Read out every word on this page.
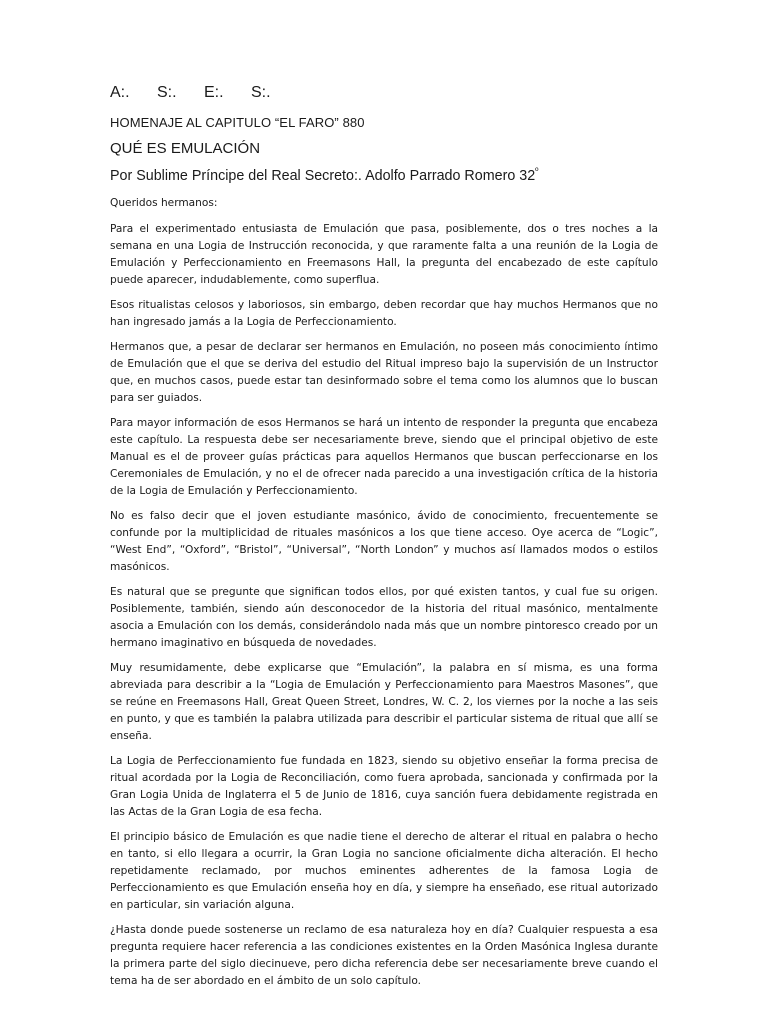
A:.	S:.	E:.	S:.
HOMENAJE AL CAPITULO “EL FARO” 880
QUÉ ES EMULACIÓN
Por Sublime Príncipe del Real Secreto:. Adolfo Parrado Romero $32^º$

Queridos hermanos:

Para el experimentado entusiasta de Emulación que pasa, posiblemente, dos o tres noches a la semana en una Logia de Instrucción reconocida, y que raramente falta a una reunión de la Logia de Emulación y Perfeccionamiento en Freemasons Hall, la pregunta del encabezado de este capítulo puede aparecer, indudablemente, como superflua.

Esos ritualistas celosos y laboriosos, sin embargo, deben recordar que hay muchos Hermanos que no han ingresado jamás a la Logia de Perfeccionamiento.

Hermanos que, a pesar de declarar ser hermanos en Emulación, no poseen más conocimiento íntimo de Emulación que el que se deriva del estudio del Ritual impreso bajo la supervisión de un Instructor que, en muchos casos, puede estar tan desinformado sobre el tema como los alumnos que lo buscan para ser guiados.

Para mayor información de esos Hermanos se hará un intento de responder la pregunta que encabeza este capítulo. La respuesta debe ser necesariamente breve, siendo que el principal objetivo de este Manual es el de proveer guías prácticas para aquellos Hermanos que buscan perfeccionarse en los Ceremoniales de Emulación, y no el de ofrecer nada parecido a una investigación crítica de la historia de la Logia de Emulación y Perfeccionamiento.

No es falso decir que el joven estudiante masónico, ávido de conocimiento, frecuentemente se confunde por la multiplicidad de rituales masónicos a los que tiene acceso. Oye acerca de “Logic”, “West End”, “Oxford”, “Bristol”, “Universal”, “North London” y muchos así llamados modos o estilos masónicos.

Es natural que se pregunte que significan todos ellos, por qué existen tantos, y cual fue su origen. Posiblemente, también, siendo aún desconocedor de la historia del ritual masónico, mentalmente asocia a Emulación con los demás, considerándolo nada más que un nombre pintoresco creado por un hermano imaginativo en búsqueda de novedades.

Muy resumidamente, debe explicarse que “Emulación”, la palabra en sí misma, es una forma abreviada para describir a la “Logia de Emulación y Perfeccionamiento para Maestros Masones”, que se reúne en Freemasons Hall, Great Queen Street, Londres, W. C. 2, los viernes por la noche a las seis en punto, y que es también la palabra utilizada para describir el particular sistema de ritual que allí se enseña.

La Logia de Perfeccionamiento fue fundada en 1823, siendo su objetivo enseñar la forma precisa de ritual acordada por la Logia de Reconciliación, como fuera aprobada, sancionada y confirmada por la Gran Logia Unida de Inglaterra el 5 de Junio de 1816, cuya sanción fuera debidamente registrada en las Actas de la Gran Logia de esa fecha.

El principio básico de Emulación es que nadie tiene el derecho de alterar el ritual en palabra o hecho en tanto, si ello llegara a ocurrir, la Gran Logia no sancione oficialmente dicha alteración. El hecho repetidamente reclamado, por muchos eminentes adherentes de la famosa Logia de Perfeccionamiento es que Emulación enseña hoy en día, y siempre ha enseñado, ese ritual autorizado en particular, sin variación alguna.

¿Hasta donde puede sostenerse un reclamo de esa naturaleza hoy en día? Cualquier respuesta a esa pregunta requiere hacer referencia a las condiciones existentes en la Orden Masónica Inglesa durante la primera parte del siglo diecinueve, pero dicha referencia debe ser necesariamente breve cuando el tema ha de ser abordado en el ámbito de un solo capítulo.
